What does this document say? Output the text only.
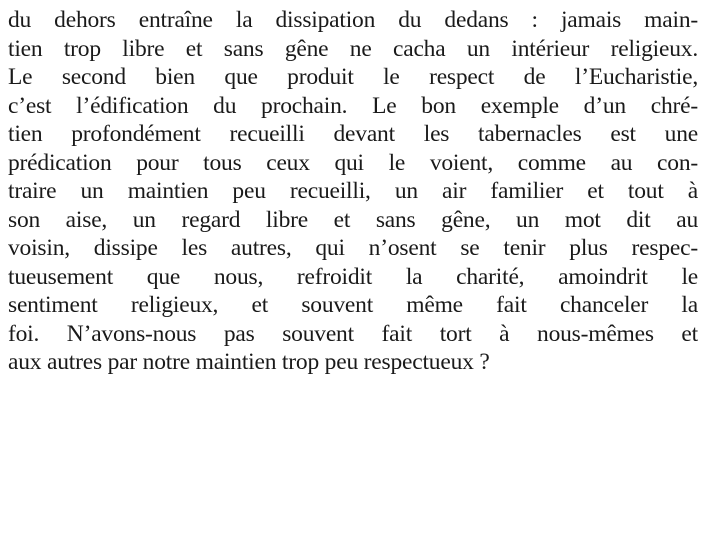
du dehors entraîne la dissipation du dedans : jamais main-
tien trop libre et sans gêne ne cacha un intérieur religieux.
Le second bien que produit le respect de l’Eucharistie,
c’est l’édification du prochain. Le bon exemple d’un chré-
tien profondément recueilli devant les tabernacles est une
prédication pour tous ceux qui le voient, comme au con-
traire un maintien peu recueilli, un air familier et tout à
son aise, un regard libre et sans gêne, un mot dit au
voisin, dissipe les autres, qui n’osent se tenir plus respec-
tueusement que nous, refroidit la charité, amoindrit le
sentiment religieux, et souvent même fait chanceler la
foi. N’avons-nous pas souvent fait tort à nous-mêmes et
aux autres par notre maintien trop peu respectueux ?
